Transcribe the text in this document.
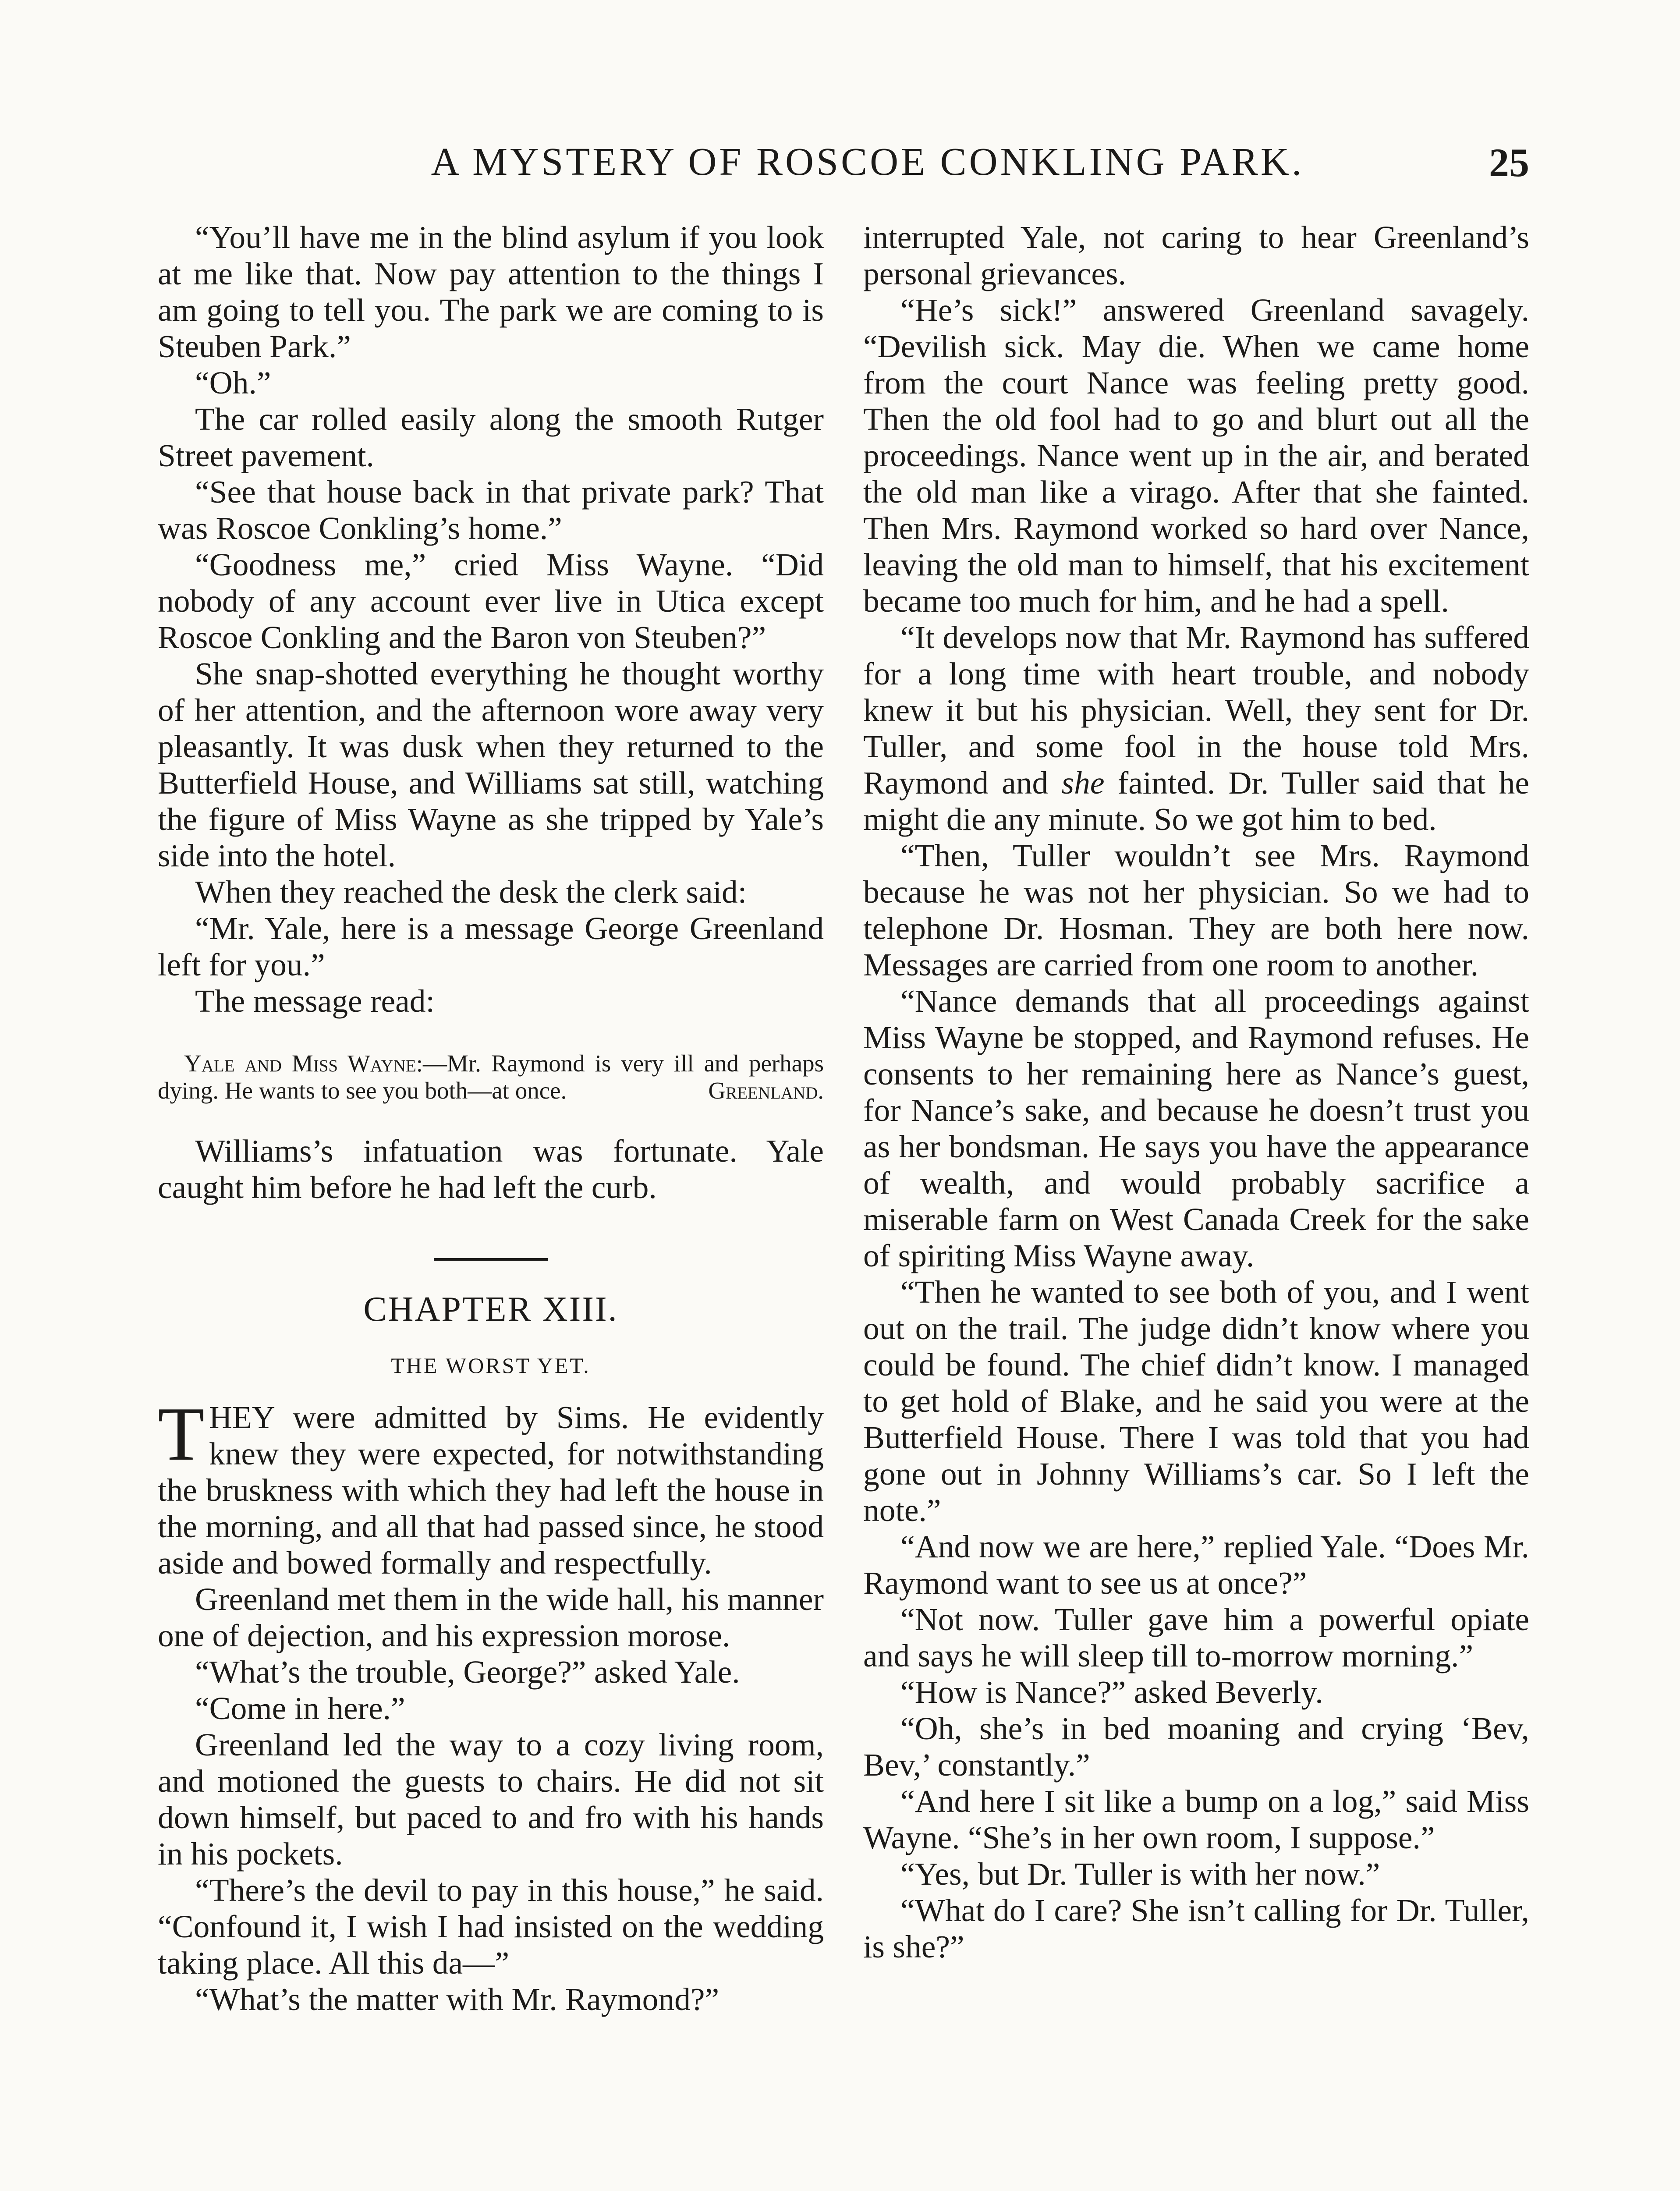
A MYSTERY OF ROSCOE CONKLING PARK.	25

“You’ll have me in the blind asylum if you look at me like that. Now pay attention to the things I am going to tell you. The park we are coming to is Steuben Park.”

“Oh.”

The car rolled easily along the smooth Rutger Street pavement.

“See that house back in that private park? That was Roscoe Conkling’s home.”

“Goodness me,” cried Miss Wayne. “Did nobody of any account ever live in Utica except Roscoe Conkling and the Baron von Steuben?”

She snap-shotted everything he thought worthy of her attention, and the afternoon wore away very pleasantly. It was dusk when they returned to the Butterfield House, and Williams sat still, watching the figure of Miss Wayne as she tripped by Yale’s side into the hotel.

When they reached the desk the clerk said:

“Mr. Yale, here is a message George Greenland left for you.”

The message read:

Yale and Miss Wayne:—Mr. Raymond is very ill and perhaps dying. He wants to see you both—at once.	Greenland.

Williams’s infatuation was fortunate. Yale caught him before he had left the curb.

CHAPTER XIII.
THE WORST YET.

THEY were admitted by Sims. He evidently knew they were expected, for notwithstanding the bruskness with which they had left the house in the morning, and all that had passed since, he stood aside and bowed formally and respectfully.

Greenland met them in the wide hall, his manner one of dejection, and his expression morose.

“What’s the trouble, George?” asked Yale.

“Come in here.”

Greenland led the way to a cozy living room, and motioned the guests to chairs. He did not sit down himself, but paced to and fro with his hands in his pockets.

“There’s the devil to pay in this house,” he said. “Confound it, I wish I had insisted on the wedding taking place. All this da—”

“What’s the matter with Mr. Raymond?”

interrupted Yale, not caring to hear Greenland’s personal grievances.

“He’s sick!” answered Greenland savagely. “Devilish sick. May die. When we came home from the court Nance was feeling pretty good. Then the old fool had to go and blurt out all the proceedings. Nance went up in the air, and berated the old man like a virago. After that she fainted. Then Mrs. Raymond worked so hard over Nance, leaving the old man to himself, that his excitement became too much for him, and he had a spell.

“It develops now that Mr. Raymond has suffered for a long time with heart trouble, and nobody knew it but his physician. Well, they sent for Dr. Tuller, and some fool in the house told Mrs. Raymond and she fainted. Dr. Tuller said that he might die any minute. So we got him to bed.

“Then, Tuller wouldn’t see Mrs. Raymond because he was not her physician. So we had to telephone Dr. Hosman. They are both here now. Messages are carried from one room to another.

“Nance demands that all proceedings against Miss Wayne be stopped, and Raymond refuses. He consents to her remaining here as Nance’s guest, for Nance’s sake, and because he doesn’t trust you as her bondsman. He says you have the appearance of wealth, and would probably sacrifice a miserable farm on West Canada Creek for the sake of spiriting Miss Wayne away.

“Then he wanted to see both of you, and I went out on the trail. The judge didn’t know where you could be found. The chief didn’t know. I managed to get hold of Blake, and he said you were at the Butterfield House. There I was told that you had gone out in Johnny Williams’s car. So I left the note.”

“And now we are here,” replied Yale. “Does Mr. Raymond want to see us at once?”

“Not now. Tuller gave him a powerful opiate and says he will sleep till to-morrow morning.”

“How is Nance?” asked Beverly.

“Oh, she’s in bed moaning and crying ‘Bev, Bev,’ constantly.”

“And here I sit like a bump on a log,” said Miss Wayne. “She’s in her own room, I suppose.”

“Yes, but Dr. Tuller is with her now.”

“What do I care? She isn’t calling for Dr. Tuller, is she?”
